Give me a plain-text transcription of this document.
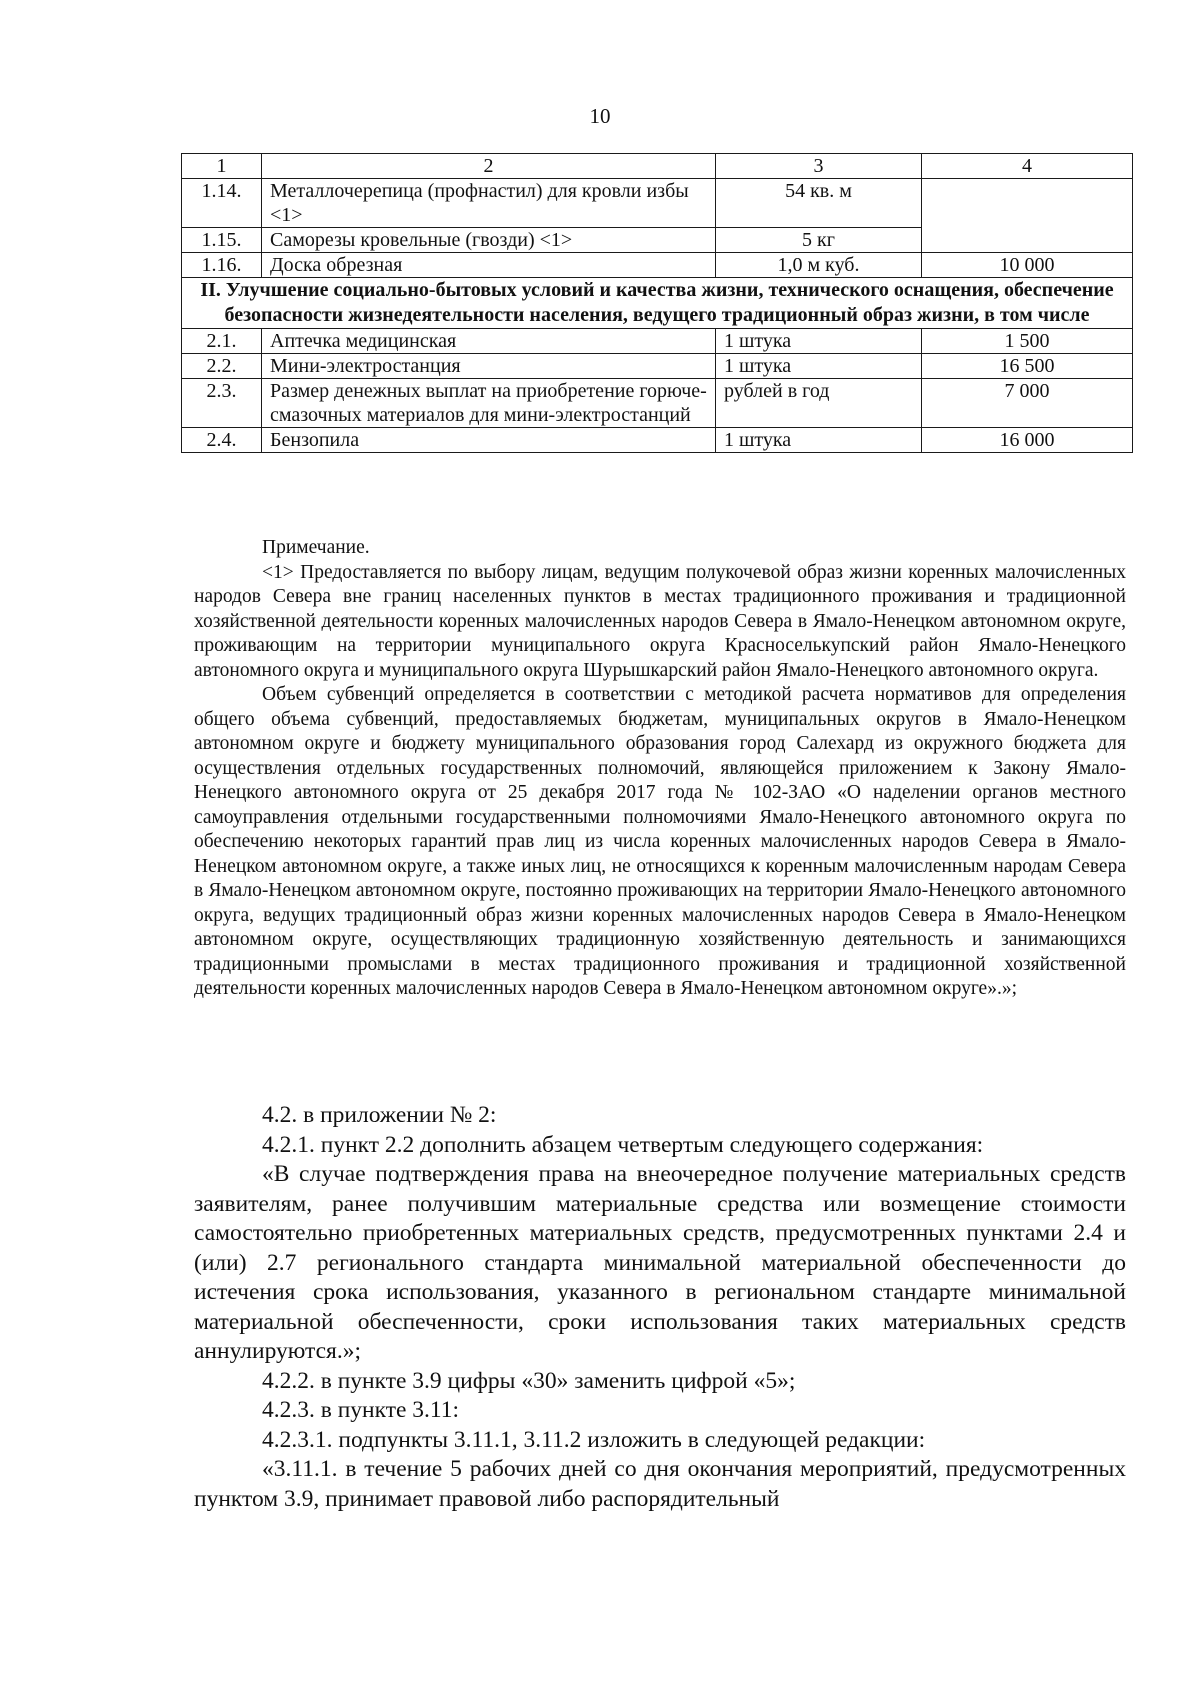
10
1	2	3	4
1.14.	Металлочерепица (профнастил) для кровли избы <1>	54 кв. м	
1.15.	Саморезы кровельные (гвозди) <1>	5 кг	
1.16.	Доска обрезная	1,0 м куб.	10 000
II. Улучшение социально-бытовых условий и качества жизни, технического оснащения, обеспечение безопасности жизнедеятельности населения, ведущего традиционный образ жизни, в том числе			
2.1.	Аптечка медицинская	1 штука	1 500
2.2.	Мини-электростанция	1 штука	16 500
2.3.	Размер денежных выплат на приобретение горюче-смазочных материалов для мини-электростанций	рублей в год	7 000
2.4.	Бензопила	1 штука	16 000

Примечание.

<1> Предоставляется по выбору лицам, ведущим полукочевой образ жизни коренных малочисленных народов Севера вне границ населенных пунктов в местах традиционного проживания и традиционной хозяйственной деятельности коренных малочисленных народов Севера в Ямало-Ненецком автономном округе, проживающим на территории муниципального округа Красноселькупский район Ямало-Ненецкого автономного округа и муниципального округа Шурышкарский район Ямало-Ненецкого автономного округа.

Объем субвенций определяется в соответствии с методикой расчета нормативов для определения общего объема субвенций, предоставляемых бюджетам, муниципальных округов в Ямало-Ненецком автономном округе и бюджету муниципального образования город Салехард из окружного бюджета для осуществления отдельных государственных полномочий, являющейся приложением к Закону Ямало-Ненецкого автономного округа от 25 декабря 2017 года № 102-ЗАО «О наделении органов местного самоуправления отдельными государственными полномочиями Ямало-Ненецкого автономного округа по обеспечению некоторых гарантий прав лиц из числа коренных малочисленных народов Севера в Ямало-Ненецком автономном округе, а также иных лиц, не относящихся к коренным малочисленным народам Севера в Ямало-Ненецком автономном округе, постоянно проживающих на территории Ямало-Ненецкого автономного округа, ведущих традиционный образ жизни коренных малочисленных народов Севера в Ямало-Ненецком автономном округе, осуществляющих традиционную хозяйственную деятельность и занимающихся традиционными промыслами в местах традиционного проживания и традиционной хозяйственной деятельности коренных малочисленных народов Севера в Ямало-Ненецком автономном округе».»;

4.2. в приложении № 2:

4.2.1. пункт 2.2 дополнить абзацем четвертым следующего содержания:

«В случае подтверждения права на внеочередное получение материальных средств заявителям, ранее получившим материальные средства или возмещение стоимости самостоятельно приобретенных материальных средств, предусмотренных пунктами 2.4 и (или) 2.7 регионального стандарта минимальной материальной обеспеченности до истечения срока использования, указанного в региональном стандарте минимальной материальной обеспеченности, сроки использования таких материальных средств аннулируются.»;

4.2.2. в пункте 3.9 цифры «30» заменить цифрой «5»;

4.2.3. в пункте 3.11:

4.2.3.1. подпункты 3.11.1, 3.11.2 изложить в следующей редакции:

«3.11.1. в течение 5 рабочих дней со дня окончания мероприятий, предусмотренных пунктом 3.9, принимает правовой либо распорядительный
